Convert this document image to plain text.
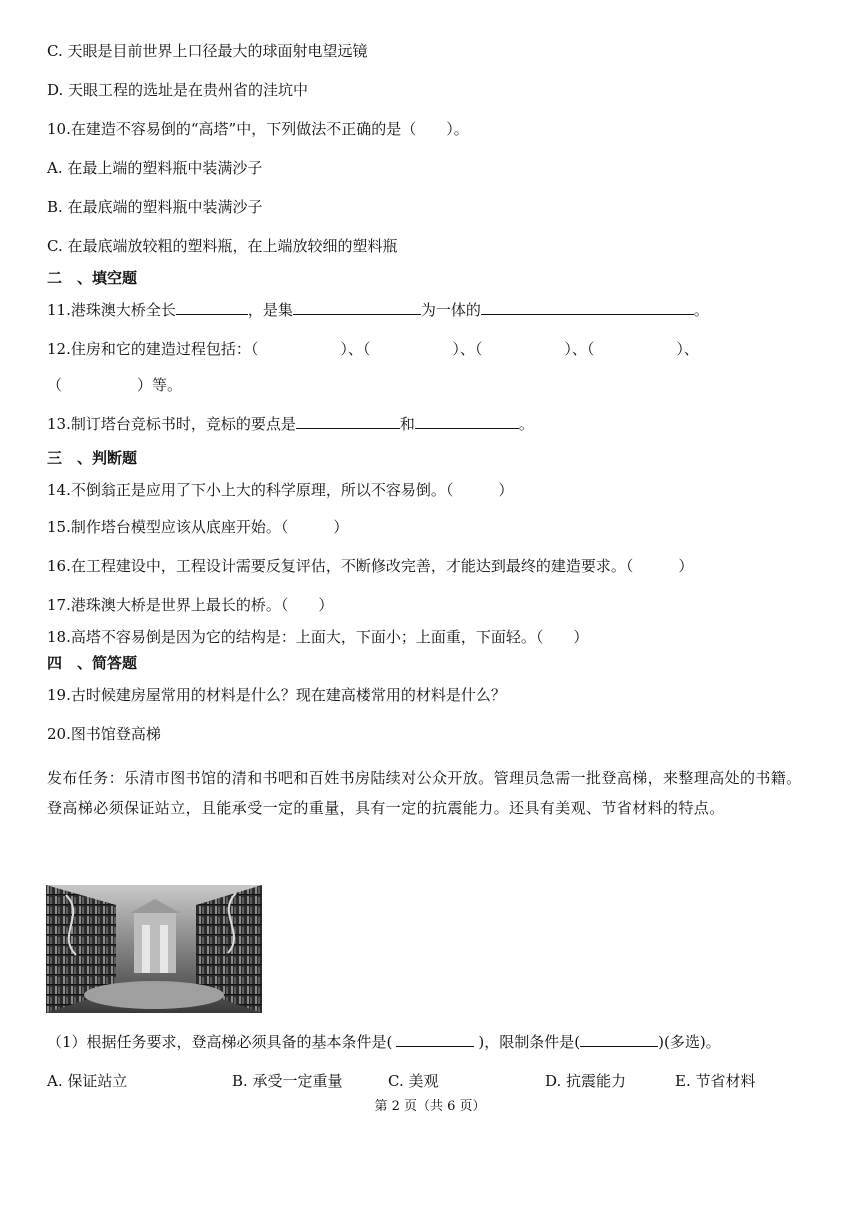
C. 天眼是目前世界上口径最大的球面射电望远镜
D. 天眼工程的选址是在贵州省的洼坑中
10.在建造不容易倒的“高塔”中，下列做法不正确的是（　　）。
A. 在最上端的塑料瓶中装满沙子
B. 在最底端的塑料瓶中装满沙子
C. 在最底端放较粗的塑料瓶，在上端放较细的塑料瓶
二　、填空题
11.港珠澳大桥全长	，是集	为一体的	。
12.住房和它的建造过程包括：（	）、（	）、（	）、（	）、
（　　　　　）等。
13.制订塔台竞标书时，竞标的要点是	和	。
三　、判断题
14.不倒翁正是应用了下小上大的科学原理，所以不容易倒。（　　　）
15.制作塔台模型应该从底座开始。（　　　）
16.在工程建设中，工程设计需要反复评估，不断修改完善，才能达到最终的建造要求。（　　　）
17.港珠澳大桥是世界上最长的桥。（　　）
18.高塔不容易倒是因为它的结构是：上面大，下面小；上面重，下面轻。（　　）
四　、简答题
19.古时候建房屋常用的材料是什么？现在建高楼常用的材料是什么？
20.图书馆登高梯
发布任务：乐清市图书馆的清和书吧和百姓书房陆续对公众开放。管理员急需一批登高梯，来整理高处的书籍。登高梯必须保证站立，且能承受一定的重量，具有一定的抗震能力。还具有美观、节省材料的特点。
（1）根据任务要求，登高梯必须具备的基本条件是(	)，限制条件是(	)(多选)。
A. 保证站立	B. 承受一定重量	C. 美观	D. 抗震能力	E. 节省材料
第 2 页（共 6 页）
